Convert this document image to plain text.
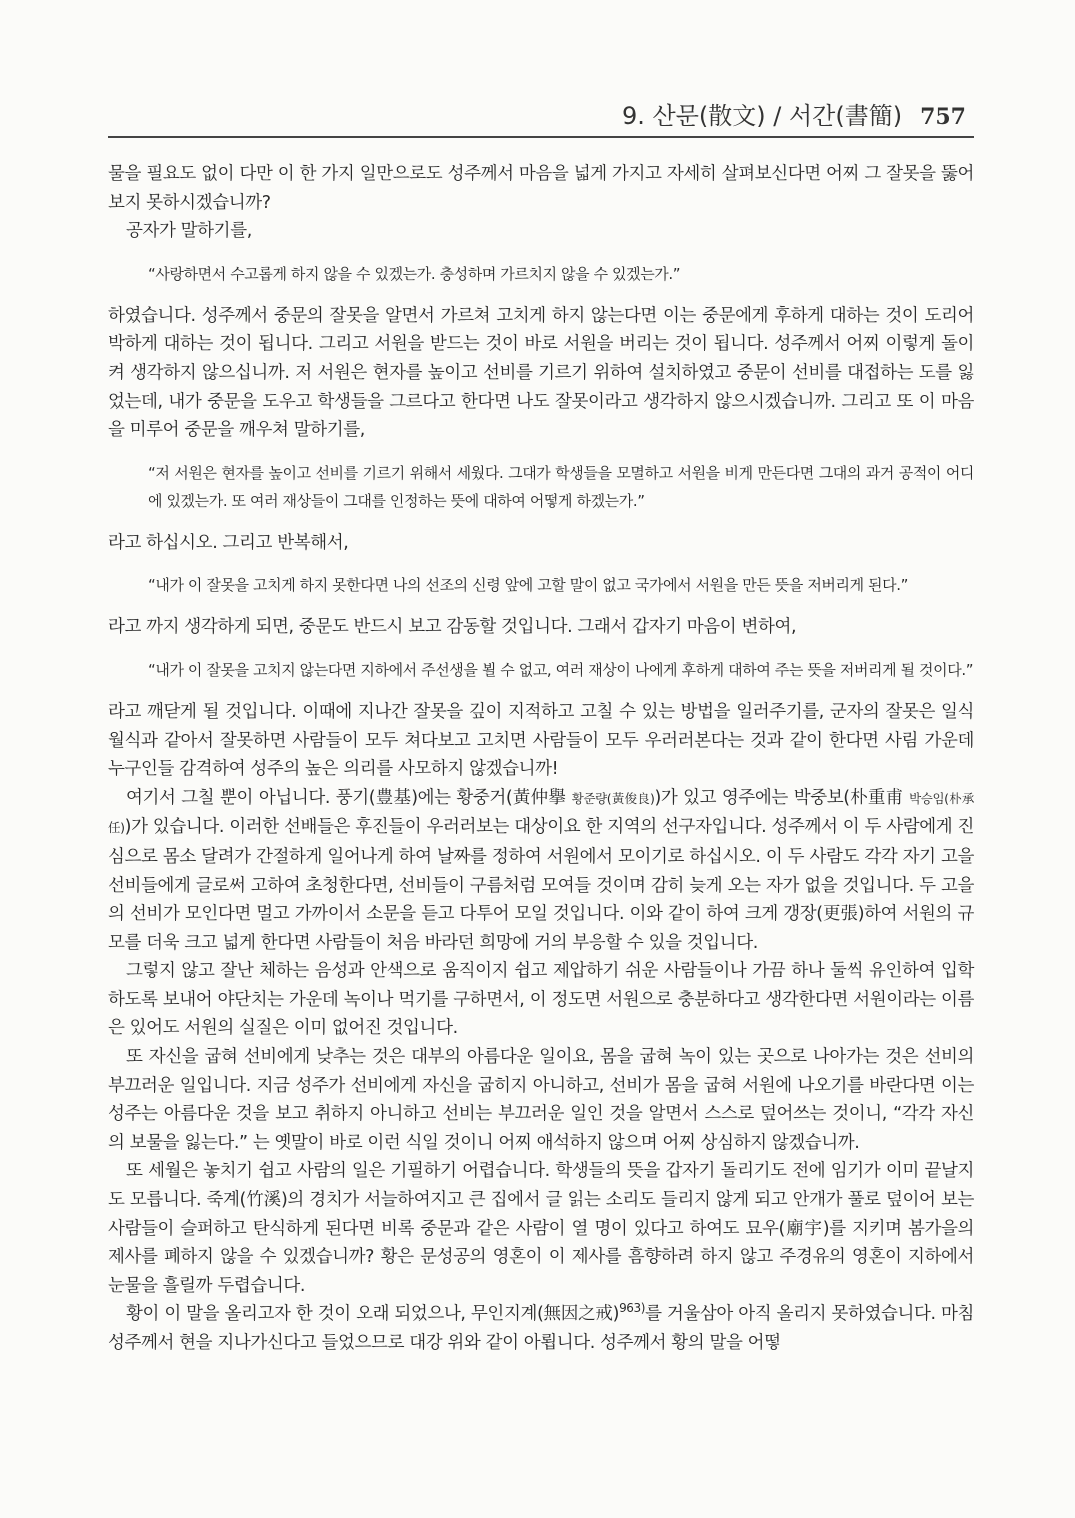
9. 산문(散文) / 서간(書簡) 757

물을 필요도 없이 다만 이 한 가지 일만으로도 성주께서 마음을 넓게 가지고 자세히 살펴보신다면 어찌 그 잘못을 뚫어보지 못하시겠습니까?

공자가 말하기를,

“사랑하면서 수고롭게 하지 않을 수 있겠는가. 충성하며 가르치지 않을 수 있겠는가.”

하였습니다. 성주께서 중문의 잘못을 알면서 가르쳐 고치게 하지 않는다면 이는 중문에게 후하게 대하는 것이 도리어 박하게 대하는 것이 됩니다. 그리고 서원을 받드는 것이 바로 서원을 버리는 것이 됩니다. 성주께서 어찌 이렇게 돌이켜 생각하지 않으십니까. 저 서원은 현자를 높이고 선비를 기르기 위하여 설치하였고 중문이 선비를 대접하는 도를 잃었는데, 내가 중문을 도우고 학생들을 그르다고 한다면 나도 잘못이라고 생각하지 않으시겠습니까. 그리고 또 이 마음을 미루어 중문을 깨우쳐 말하기를,

“저 서원은 현자를 높이고 선비를 기르기 위해서 세웠다. 그대가 학생들을 모멸하고 서원을 비게 만든다면 그대의 과거 공적이 어디에 있겠는가. 또 여러 재상들이 그대를 인정하는 뜻에 대하여 어떻게 하겠는가.”

라고 하십시오. 그리고 반복해서,

“내가 이 잘못을 고치게 하지 못한다면 나의 선조의 신령 앞에 고할 말이 없고 국가에서 서원을 만든 뜻을 저버리게 된다.”

라고 까지 생각하게 되면, 중문도 반드시 보고 감동할 것입니다. 그래서 갑자기 마음이 변하여,

“내가 이 잘못을 고치지 않는다면 지하에서 주선생을 뵐 수 없고, 여러 재상이 나에게 후하게 대하여 주는 뜻을 저버리게 될 것이다.”

라고 깨닫게 될 것입니다. 이때에 지나간 잘못을 깊이 지적하고 고칠 수 있는 방법을 일러주기를, 군자의 잘못은 일식 월식과 같아서 잘못하면 사람들이 모두 쳐다보고 고치면 사람들이 모두 우러러본다는 것과 같이 한다면 사림 가운데 누구인들 감격하여 성주의 높은 의리를 사모하지 않겠습니까!

여기서 그칠 뿐이 아닙니다. 풍기(豊基)에는 황중거(黃仲擧 황준량(黃俊良))가 있고 영주에는 박중보(朴重甫 박승임(朴承任))가 있습니다. 이러한 선배들은 후진들이 우러러보는 대상이요 한 지역의 선구자입니다. 성주께서 이 두 사람에게 진심으로 몸소 달려가 간절하게 일어나게 하여 날짜를 정하여 서원에서 모이기로 하십시오. 이 두 사람도 각각 자기 고을 선비들에게 글로써 고하여 초청한다면, 선비들이 구름처럼 모여들 것이며 감히 늦게 오는 자가 없을 것입니다. 두 고을의 선비가 모인다면 멀고 가까이서 소문을 듣고 다투어 모일 것입니다. 이와 같이 하여 크게 갱장(更張)하여 서원의 규모를 더욱 크고 넓게 한다면 사람들이 처음 바라던 희망에 거의 부응할 수 있을 것입니다.

그렇지 않고 잘난 체하는 음성과 안색으로 움직이지 쉽고 제압하기 쉬운 사람들이나 가끔 하나 둘씩 유인하여 입학하도록 보내어 야단치는 가운데 녹이나 먹기를 구하면서, 이 정도면 서원으로 충분하다고 생각한다면 서원이라는 이름은 있어도 서원의 실질은 이미 없어진 것입니다.

또 자신을 굽혀 선비에게 낮추는 것은 대부의 아름다운 일이요, 몸을 굽혀 녹이 있는 곳으로 나아가는 것은 선비의 부끄러운 일입니다. 지금 성주가 선비에게 자신을 굽히지 아니하고, 선비가 몸을 굽혀 서원에 나오기를 바란다면 이는 성주는 아름다운 것을 보고 취하지 아니하고 선비는 부끄러운 일인 것을 알면서 스스로 덮어쓰는 것이니, “각각 자신의 보물을 잃는다.” 는 옛말이 바로 이런 식일 것이니 어찌 애석하지 않으며 어찌 상심하지 않겠습니까.

또 세월은 놓치기 쉽고 사람의 일은 기필하기 어렵습니다. 학생들의 뜻을 갑자기 돌리기도 전에 임기가 이미 끝날지도 모릅니다. 죽계(竹溪)의 경치가 서늘하여지고 큰 집에서 글 읽는 소리도 들리지 않게 되고 안개가 풀로 덮이어 보는 사람들이 슬퍼하고 탄식하게 된다면 비록 중문과 같은 사람이 열 명이 있다고 하여도 묘우(廟宇)를 지키며 봄가을의 제사를 폐하지 않을 수 있겠습니까? 황은 문성공의 영혼이 이 제사를 흠향하려 하지 않고 주경유의 영혼이 지하에서 눈물을 흘릴까 두렵습니다.

황이 이 말을 올리고자 한 것이 오래 되었으나, 무인지계(無因之戒)$^{963)}$를 거울삼아 아직 올리지 못하였습니다. 마침 성주께서 현을 지나가신다고 들었으므로 대강 위와 같이 아룁니다. 성주께서 황의 말을 어떻
